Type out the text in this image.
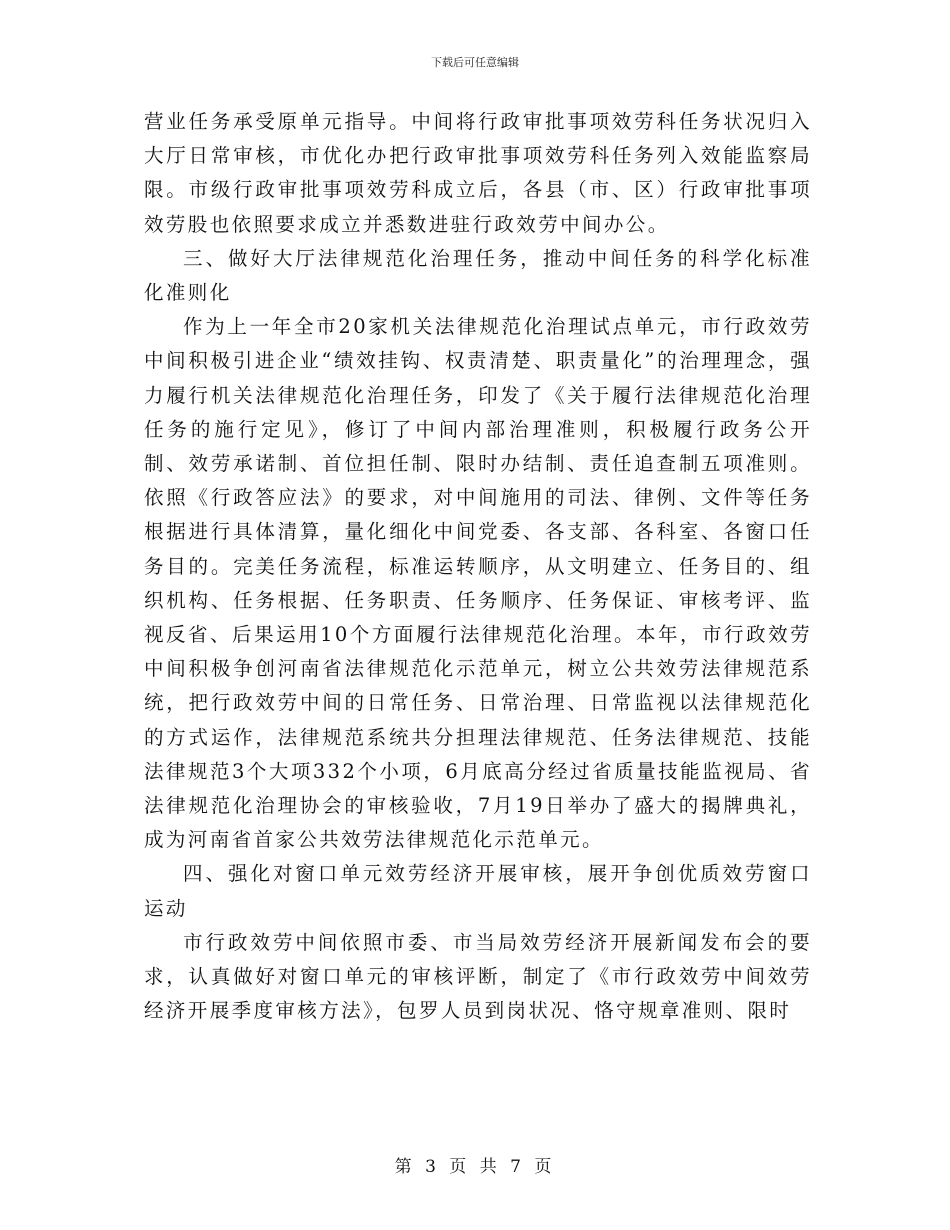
下载后可任意编辑

营业任务承受原单元指导。中间将行政审批事项效劳科任务状况归入大厅日常审核，市优化办把行政审批事项效劳科任务列入效能监察局限。市级行政审批事项效劳科成立后，各县（市、区）行政审批事项效劳股也依照要求成立并悉数进驻行政效劳中间办公。

三、做好大厅法律规范化治理任务，推动中间任务的科学化标准化准则化

作为上一年全市20家机关法律规范化治理试点单元，市行政效劳中间积极引进企业“绩效挂钩、权责清楚、职责量化”的治理理念，强力履行机关法律规范化治理任务，印发了《关于履行法律规范化治理任务的施行定见》，修订了中间内部治理准则，积极履行政务公开制、效劳承诺制、首位担任制、限时办结制、责任追查制五项准则。依照《行政答应法》的要求，对中间施用的司法、律例、文件等任务根据进行具体清算，量化细化中间党委、各支部、各科室、各窗口任务目的。完美任务流程，标准运转顺序，从文明建立、任务目的、组织机构、任务根据、任务职责、任务顺序、任务保证、审核考评、监视反省、后果运用10个方面履行法律规范化治理。本年，市行政效劳中间积极争创河南省法律规范化示范单元，树立公共效劳法律规范系统，把行政效劳中间的日常任务、日常治理、日常监视以法律规范化的方式运作，法律规范系统共分担理法律规范、任务法律规范、技能法律规范3个大项332个小项，6月底高分经过省质量技能监视局、省法律规范化治理协会的审核验收，7月19日举办了盛大的揭牌典礼，成为河南省首家公共效劳法律规范化示范单元。

四、强化对窗口单元效劳经济开展审核，展开争创优质效劳窗口运动

市行政效劳中间依照市委、市当局效劳经济开展新闻发布会的要求，认真做好对窗口单元的审核评断，制定了《市行政效劳中间效劳经济开展季度审核方法》，包罗人员到岗状况、恪守规章准则、限时

第 3 页 共 7 页
